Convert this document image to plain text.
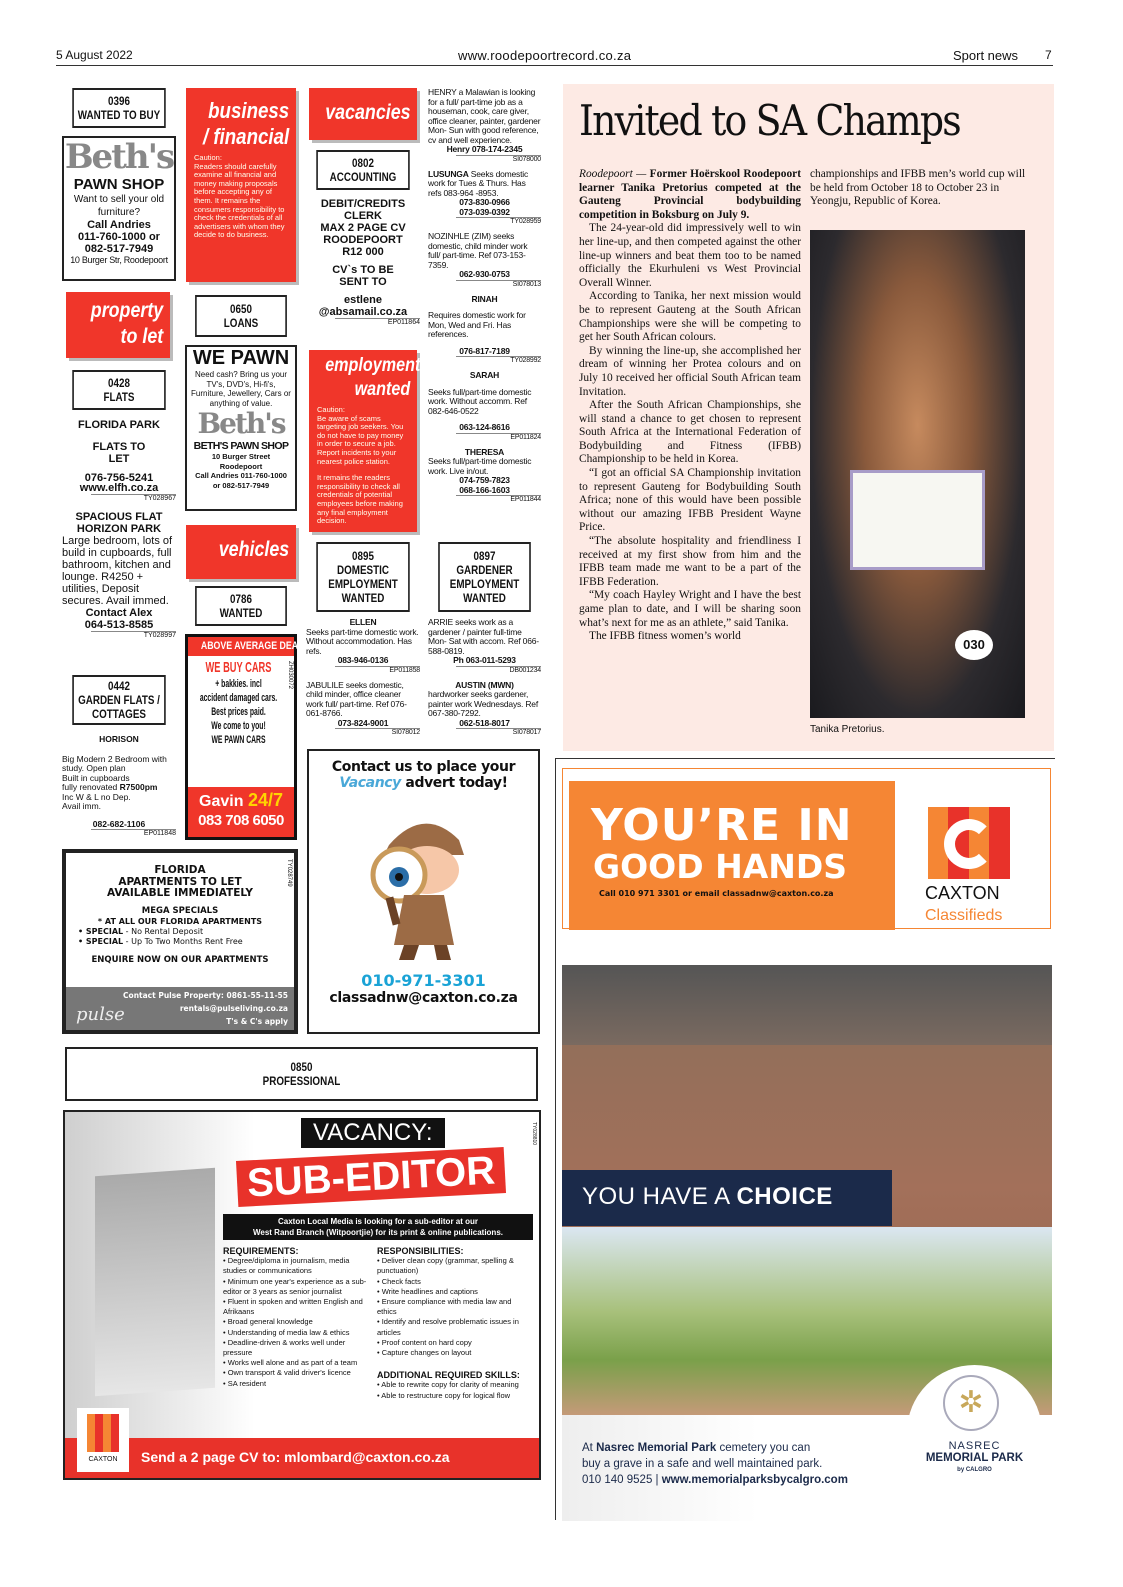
5 August 2022	www.roodepoortrecord.co.za	Sport news 7
0396
WANTED TO BUY
Beth's
PAWN SHOP
Want to sell your old furniture?
Call Andries
011-760-1000 or
082-517-7949
10 Burger Str, Roodepoort
property to let
0428
FLATS
FLORIDA PARK
FLATS TO LET
076-756-5241
www.elfh.co.za
TY028967
SPACIOUS FLAT HORIZON PARK
Large bedroom, lots of build in cupboards, full bathroom, kitchen and lounge. R4250 + utilities, Deposit secures. Avail immed.
Contact Alex
064-513-8585
TY028997
0442
GARDEN FLATS / COTTAGES
HORISON
Big Modern 2 Bedroom with study. Open plan
Built in cupboards
fully renovated R7500pm
Inc W & L no Dep.
Avail imm.
082-682-1106
EP011848
business / financial
Caution:
Readers should carefully examine all financial and money making proposals before accepting any of them. It remains the consumers responsibility to check the credentials of all advertisers with whom they decide to do business.
0650
LOANS
WE PAWN
Need cash? Bring us your TV's, DVD's, Hi-fi's, Furniture, Jewellery, Cars or anything of value.
Beth's
BETH'S PAWN SHOP
10 Burger Street
Roodepoort
Call Andries 011-760-1000
or 082-517-7949
vehicles
0786
WANTED
ABOVE AVERAGE DEAL
WE BUY CARS
+ bakkies. incl
accident damaged cars.
Best prices paid.
We come to you!
WE PAWN CARS
ZH030072
Gavin 24/7
083 708 6050
vacancies
0802
ACCOUNTING
DEBIT/CREDITS CLERK
MAX 2 PAGE CV
ROODEPOORT
R12 000
CV`s TO BE SENT TO
estlene
@absamail.co.za
EP011864
employment wanted
Caution:
Be aware of scams targeting job seekers. You do not have to pay money in order to secure a job. Report incidents to your nearest police station.
It remains the readers responsibility to check all credentials of potential employees before making any final employment decision.
0895
DOMESTIC EMPLOYMENT WANTED
ELLEN
Seeks part-time domestic work. Without accommodation. Has refs.
083-946-0136
EP011858
JABULILE seeks domestic, child minder, office cleaner work full/ part-time. Ref 076-061-8766.
073-824-9001
SI078012
HENRY a Malawian is looking for a full/ part-time job as a houseman, cook, care giver, office cleaner, painter, gardener Mon- Sun with good reference, cv and well experience.
Henry 078-174-2345
SI078000
LUSUNGA Seeks domestic work for Tues & Thurs. Has refs 083-964 -8953.
073-830-0966
073-039-0392
TY028959
NOZINHLE (ZIM) seeks domestic, child minder work full/ part-time. Ref 073-153-7359.
062-930-0753
SI078013
RINAH
Requires domestic work for Mon, Wed and Fri. Has references.
076-817-7189
TY028992
SARAH
Seeks full/part-time domestic work. Without accomm. Ref 082-646-0522
063-124-8616
EP011824
THERESA
Seeks full/part-time domestic work. Live in/out.
074-759-7823
068-166-1603
EP011844
0897
GARDENER EMPLOYMENT WANTED
ARRIE seeks work as a gardener / painter full-time Mon- Sat with accom. Ref 066-588-0819.
Ph 063-011-5293
DB001234
AUSTIN (MWN)
hardworker seeks gardener, painter work Wednesdays. Ref 067-380-7292.
062-518-8017
SI078017
FLORIDA
APARTMENTS TO LET
AVAILABLE IMMEDIATELY
MEGA SPECIALS
* AT ALL OUR FLORIDA APARTMENTS
• SPECIAL - No Rental Deposit
• SPECIAL - Up To Two Months Rent Free
ENQUIRE NOW ON OUR APARTMENTS
TY028749
Contact Pulse Property: 0861-55-11-55
rentals@pulseliving.co.za
T's & C's apply
pulse
Contact us to place your
Vacancy advert today!
010-971-3301
classadnw@caxton.co.za
0850
PROFESSIONAL
VACANCY:
SUB-EDITOR
Caxton Local Media is looking for a sub-editor at our
West Rand Branch (Witpoortjie) for its print & online publications.
REQUIREMENTS:
• Degree/diploma in journalism, media studies or communications
• Minimum one year's experience as a sub-editor or 3 years as senior journalist
• Fluent in spoken and written English and Afrikaans
• Broad general knowledge
• Understanding of media law & ethics
• Deadline-driven & works well under pressure
• Works well alone and as part of a team
• Own transport & valid driver's licence
• SA resident
RESPONSIBILITIES:
• Deliver clean copy (grammar, spelling & punctuation)
• Check facts
• Write headlines and captions
• Ensure compliance with media law and ethics
• Identify and resolve problematic issues in articles
• Proof content on hard copy
• Capture changes on layout
ADDITIONAL REQUIRED SKILLS:
• Able to rewrite copy for clarity of meaning
• Able to restructure copy for logical flow
TY028810
Send a 2 page CV to: mlombard@caxton.co.za
CAXTON
Invited to SA Champs

Roodepoort — Former Hoërskool Roodepoort learner Tanika Pretorius competed at the Gauteng Provincial bodybuilding competition in Boksburg on July 9.

The 24-year-old did impressively well to win her line-up, and then competed against the other line-up winners and beat them too to be named officially the Ekurhuleni vs West Provincial Overall Winner.

According to Tanika, her next mission would be to represent Gauteng at the South African Championships were she will be competing to get her South African colours.

By winning the line-up, she accomplished her dream of winning her Protea colours and on July 10 received her official South African team Invitation.

After the South African Championships, she will stand a chance to get chosen to represent South Africa at the International Federation of Bodybuilding and Fitness (IFBB) Championship to be held in Korea.

“I got an official SA Championship invitation to represent Gauteng for Bodybuilding South Africa; none of this would have been possible without our amazing IFBB President Wayne Price.

“The absolute hospitality and friendliness I received at my first show from him and the IFBB team made me want to be a part of the IFBB Federation.

“My coach Hayley Wright and I have the best game plan to date, and I will be sharing soon what’s next for me as an athlete,” said Tanika.

The IFBB fitness women’s world

championships and IFBB men’s world cup will be held from October 18 to October 23 in Yeongju, Republic of Korea.

030
Tanika Pretorius.
YOU’RE IN
GOOD HANDS
Call 010 971 3301 or email classadnw@caxton.co.za	CAXTON
Classifieds
YOU HAVE A CHOICE
✲
NASREC
MEMORIAL PARK
by CALGRO
At Nasrec Memorial Park cemetery you can
buy a grave in a safe and well maintained park.
010 140 9525 | www.memorialparksbycalgro.com
